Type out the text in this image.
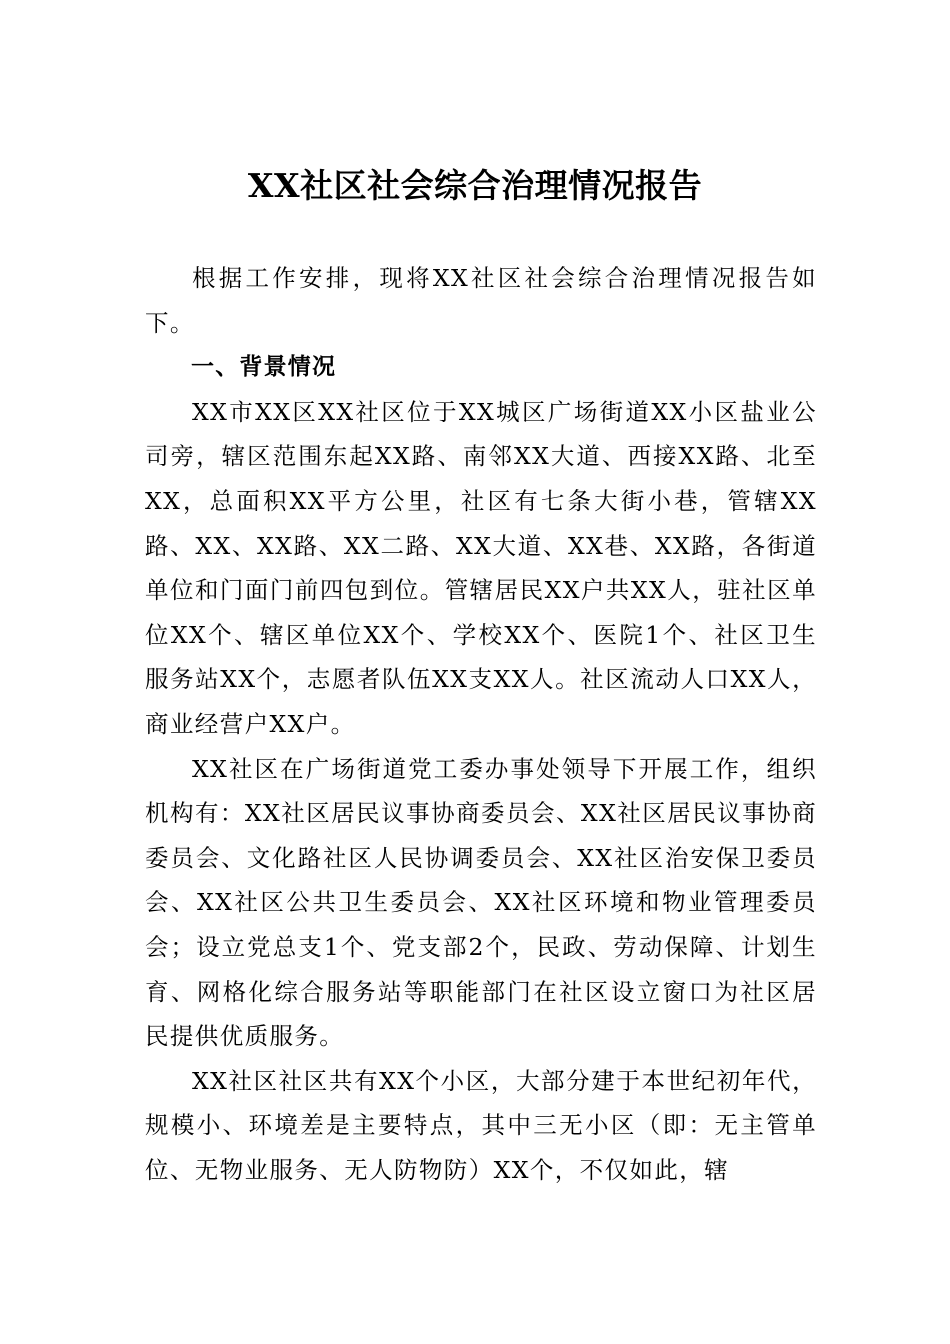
XX社区社会综合治理情况报告

根据工作安排，现将XX社区社会综合治理情况报告如下。

一、背景情况

XX市XX区XX社区位于XX城区广场街道XX小区盐业公司旁，辖区范围东起XX路、南邻XX大道、西接XX路、北至XX，总面积XX平方公里，社区有七条大街小巷，管辖XX路、XX、XX路、XX二路、XX大道、XX巷、XX路，各街道单位和门面门前四包到位。管辖居民XX户共XX人，驻社区单位XX个、辖区单位XX个、学校XX个、医院1个、社区卫生服务站XX个，志愿者队伍XX支XX人。社区流动人口XX人，商业经营户XX户。

XX社区在广场街道党工委办事处领导下开展工作，组织机构有：XX社区居民议事协商委员会、XX社区居民议事协商委员会、文化路社区人民协调委员会、XX社区治安保卫委员会、XX社区公共卫生委员会、XX社区环境和物业管理委员会；设立党总支1个、党支部2个，民政、劳动保障、计划生育、网格化综合服务站等职能部门在社区设立窗口为社区居民提供优质服务。

XX社区社区共有XX个小区，大部分建于本世纪初年代，规模小、环境差是主要特点，其中三无小区（即：无主管单位、无物业服务、无人防物防）XX个，不仅如此，辖
